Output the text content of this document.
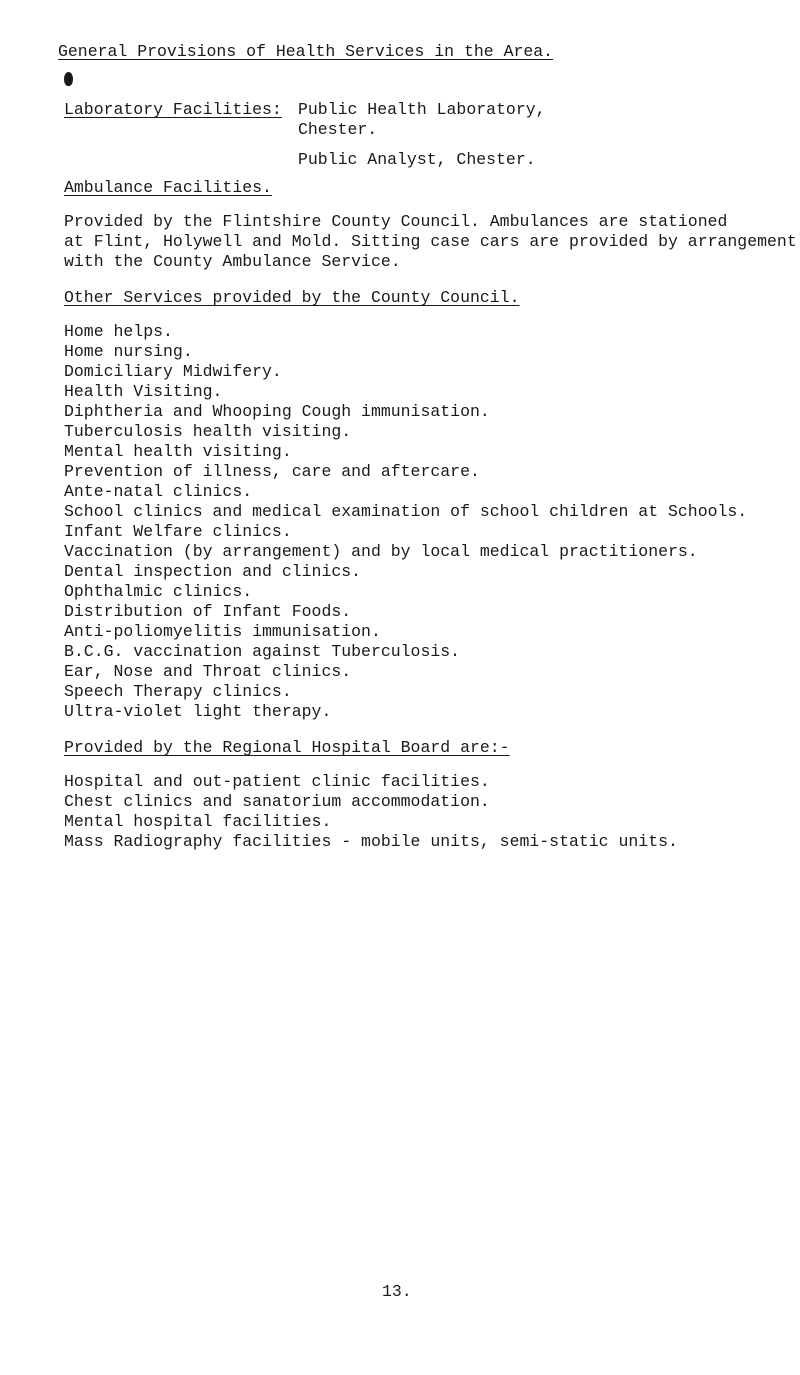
General Provisions of Health Services in the Area.
Laboratory Facilities: Public Health Laboratory,
Chester.
Public Analyst, Chester.
Ambulance Facilities.
Provided by the Flintshire County Council. Ambulances are stationed
at Flint, Holywell and Mold. Sitting case cars are provided by arrangement
with the County Ambulance Service.
Other Services provided by the County Council.
Home helps.
Home nursing.
Domiciliary Midwifery.
Health Visiting.
Diphtheria and Whooping Cough immunisation.
Tuberculosis health visiting.
Mental health visiting.
Prevention of illness, care and aftercare.
Ante-natal clinics.
School clinics and medical examination of school children at Schools.
Infant Welfare clinics.
Vaccination (by arrangement) and by local medical practitioners.
Dental inspection and clinics.
Ophthalmic clinics.
Distribution of Infant Foods.
Anti-poliomyelitis immunisation.
B.C.G. vaccination against Tuberculosis.
Ear, Nose and Throat clinics.
Speech Therapy clinics.
Ultra-violet light therapy.
Provided by the Regional Hospital Board are:-
Hospital and out-patient clinic facilities.
Chest clinics and sanatorium accommodation.
Mental hospital facilities.
Mass Radiography facilities - mobile units, semi-static units.
13.
